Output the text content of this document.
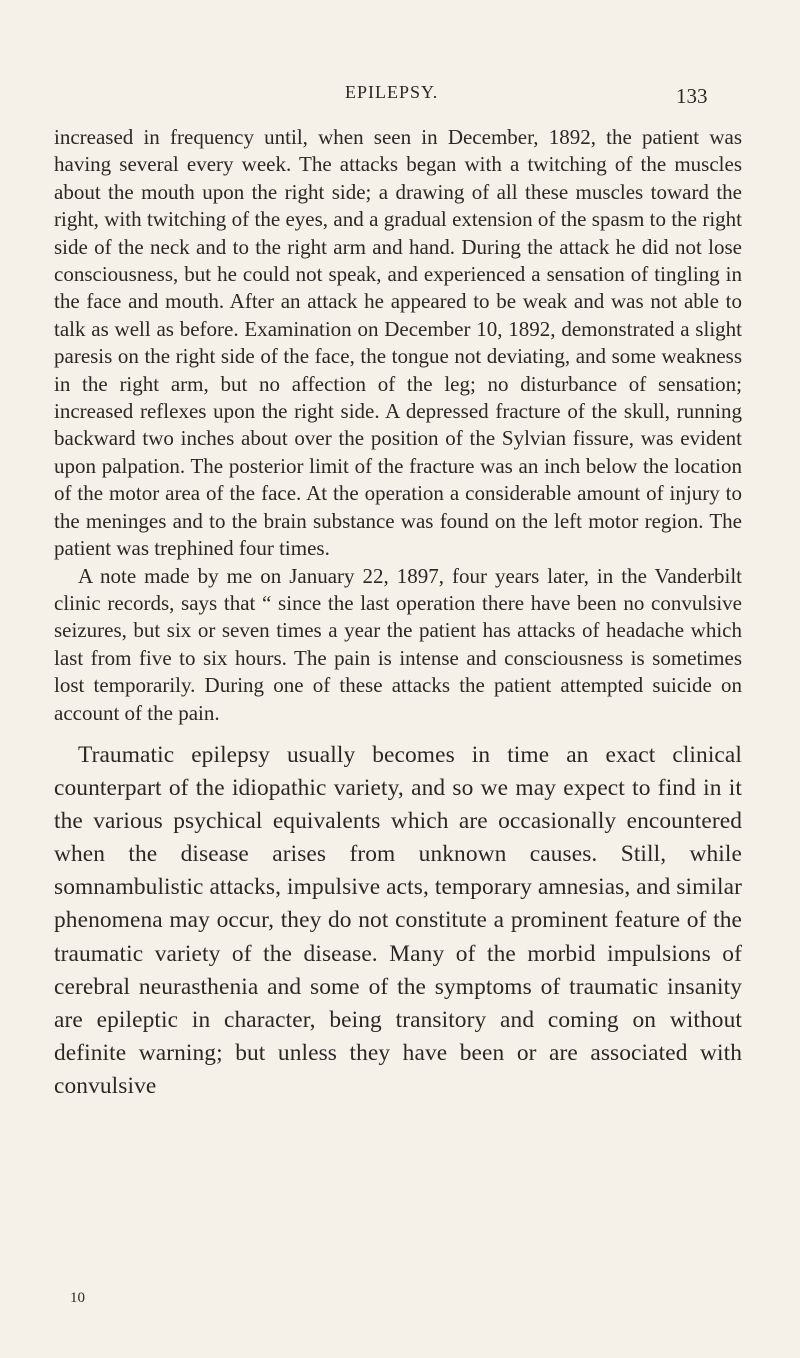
EPILEPSY.	133

increased in frequency until, when seen in December, 1892, the patient was having several every week. The attacks began with a twitching of the muscles about the mouth upon the right side; a drawing of all these muscles toward the right, with twitching of the eyes, and a gradual extension of the spasm to the right side of the neck and to the right arm and hand. During the attack he did not lose consciousness, but he could not speak, and experienced a sensation of tingling in the face and mouth. After an attack he appeared to be weak and was not able to talk as well as before. Examination on December 10, 1892, demonstrated a slight paresis on the right side of the face, the tongue not deviating, and some weakness in the right arm, but no affection of the leg; no disturbance of sensation; increased reflexes upon the right side. A depressed fracture of the skull, running backward two inches about over the position of the Sylvian fissure, was evident upon palpation. The posterior limit of the fracture was an inch below the location of the motor area of the face. At the operation a considerable amount of injury to the meninges and to the brain substance was found on the left motor region. The patient was trephined four times.

A note made by me on January 22, 1897, four years later, in the Vanderbilt clinic records, says that “ since the last operation there have been no convulsive seizures, but six or seven times a year the patient has attacks of headache which last from five to six hours. The pain is intense and consciousness is sometimes lost temporarily. During one of these attacks the patient attempted suicide on account of the pain.

Traumatic epilepsy usually becomes in time an exact clinical counterpart of the idiopathic variety, and so we may expect to find in it the various psychical equivalents which are occasionally encountered when the disease arises from unknown causes. Still, while somnambulistic attacks, impulsive acts, temporary amnesias, and similar phenomena may occur, they do not constitute a prominent feature of the traumatic variety of the disease. Many of the morbid impulsions of cerebral neurasthenia and some of the symptoms of traumatic insanity are epileptic in character, being transitory and coming on without definite warning; but unless they have been or are associated with convulsive

10
